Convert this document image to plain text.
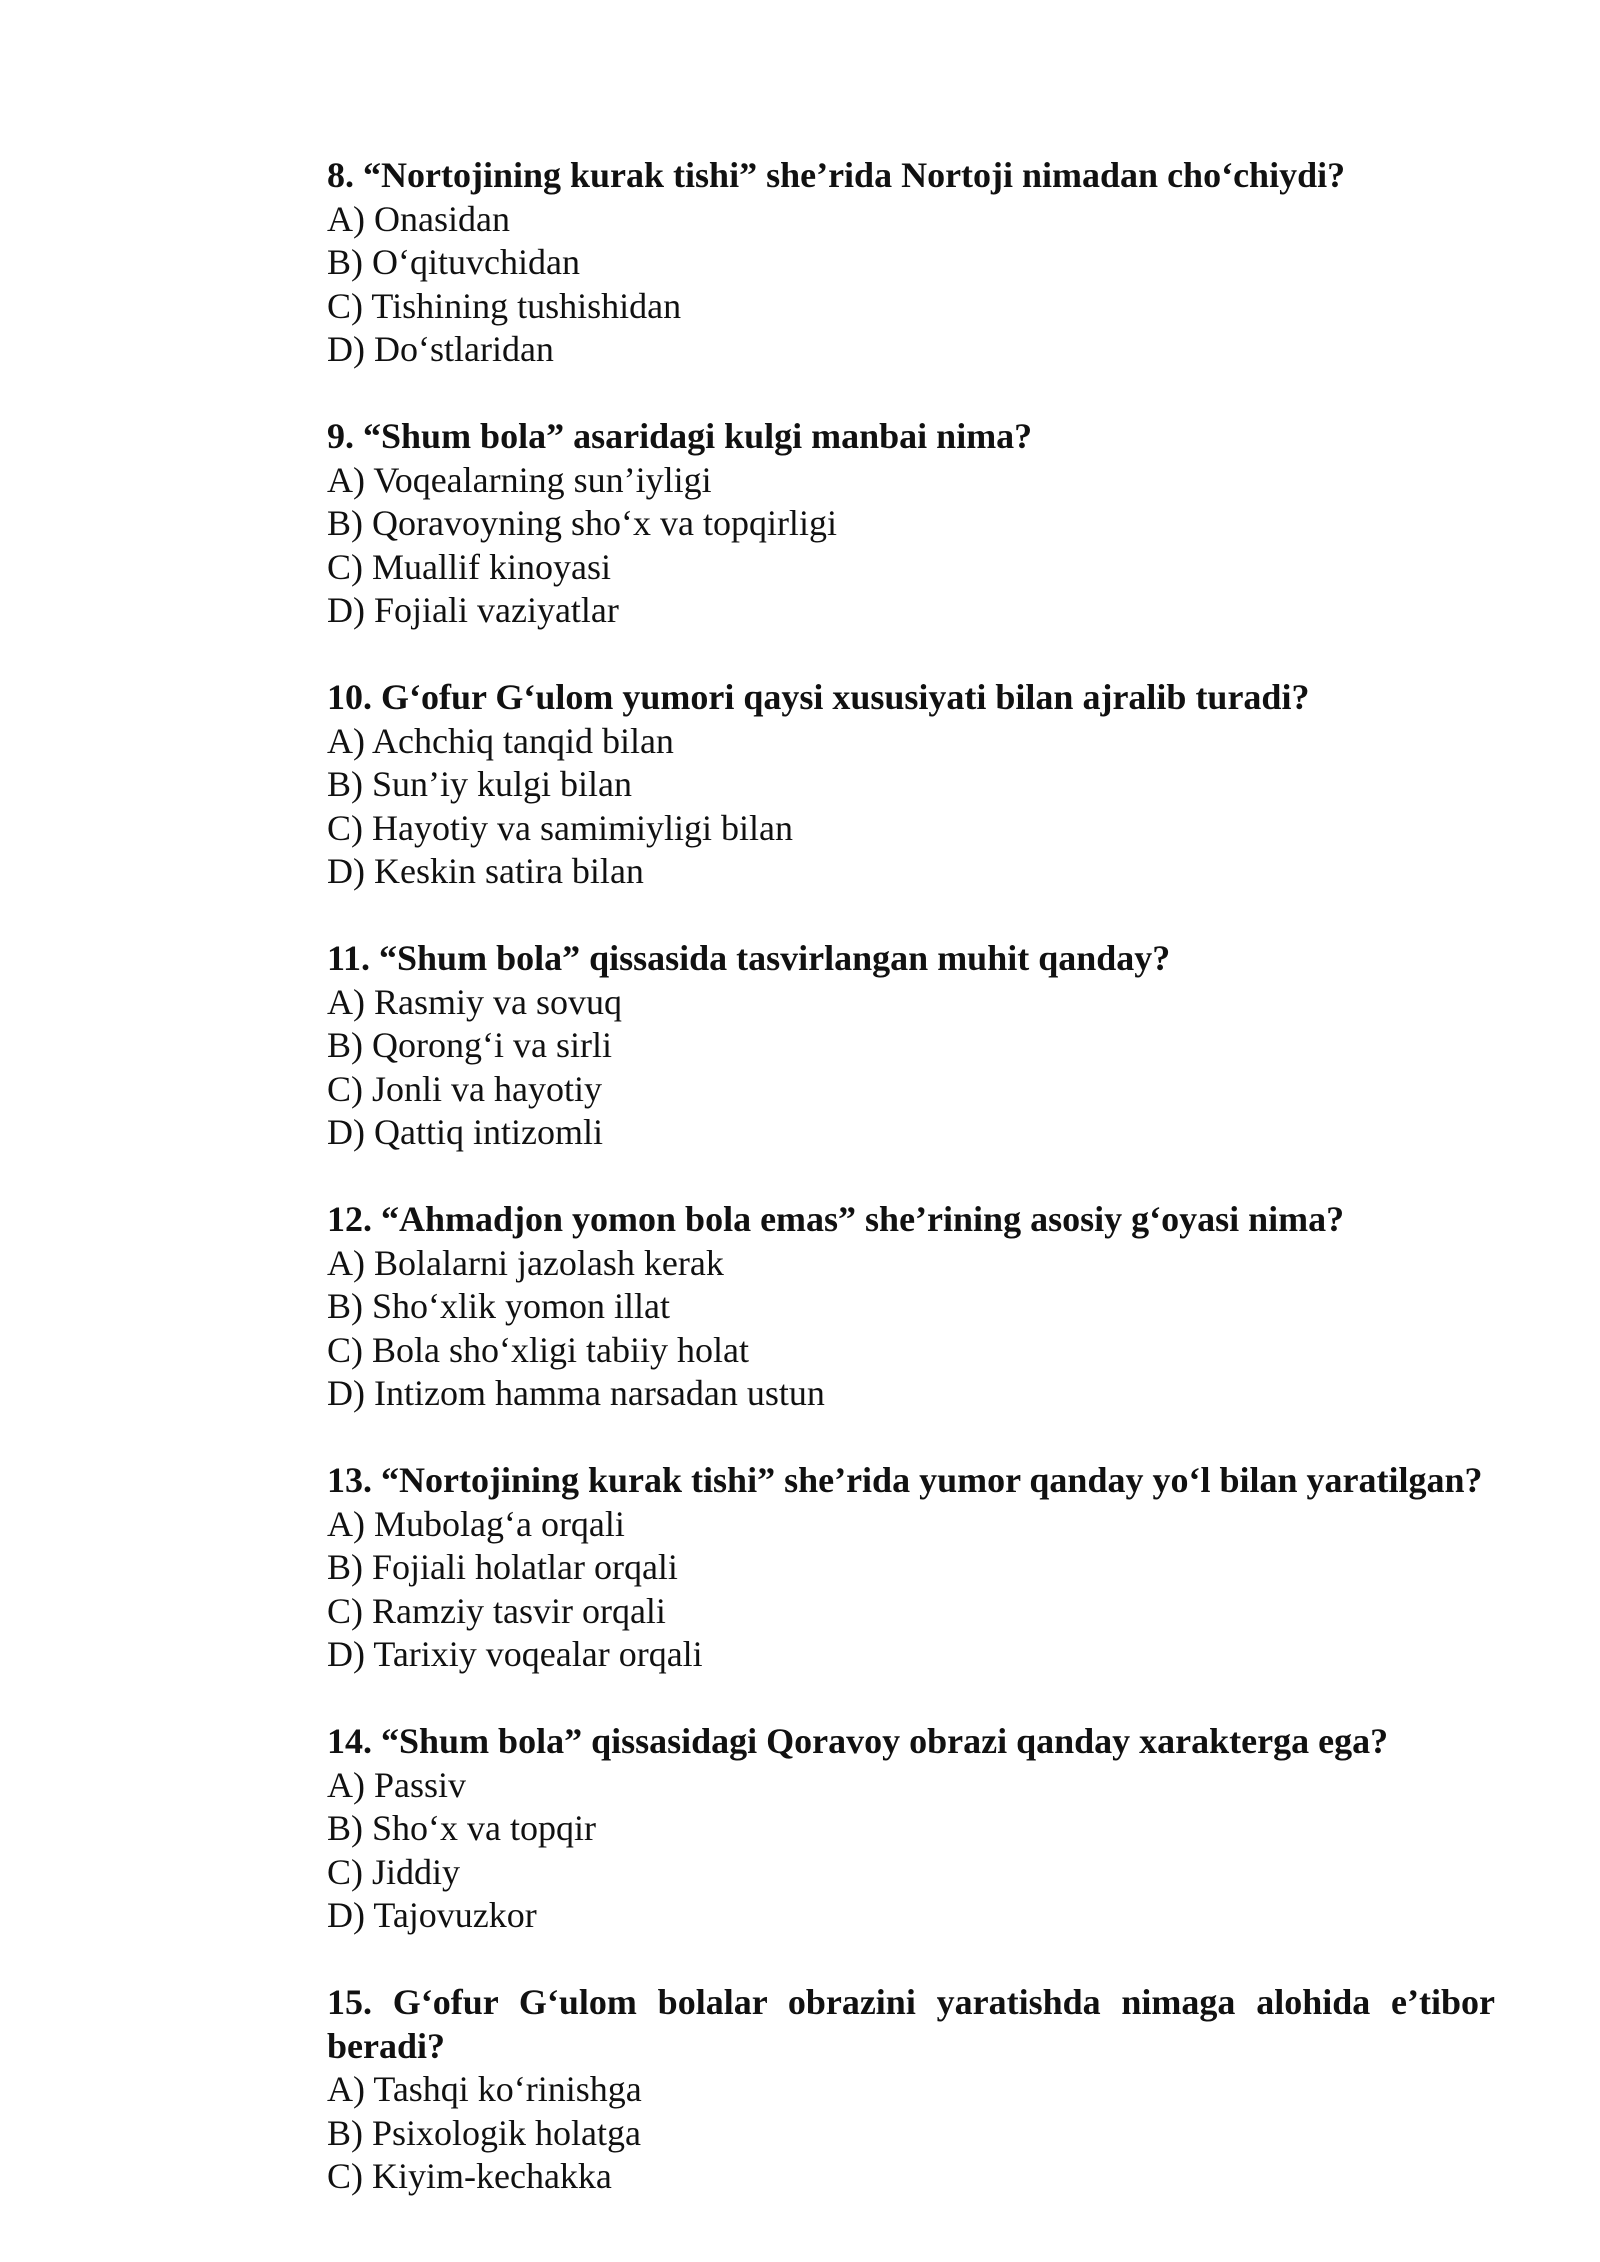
8. “Nortojining kurak tishi” she’rida Nortoji nimadan cho‘chiydi?

A) Onasidan
B) O‘qituvchidan
C) Tishining tushishidan
D) Do‘stlaridan

9. “Shum bola” asaridagi kulgi manbai nima?

A) Voqealarning sun’iyligi
B) Qoravoyning sho‘x va topqirligi
C) Muallif kinoyasi
D) Fojiali vaziyatlar

10. G‘ofur G‘ulom yumori qaysi xususiyati bilan ajralib turadi?

A) Achchiq tanqid bilan
B) Sun’iy kulgi bilan
C) Hayotiy va samimiyligi bilan
D) Keskin satira bilan

11. “Shum bola” qissasida tasvirlangan muhit qanday?

A) Rasmiy va sovuq
B) Qorong‘i va sirli
C) Jonli va hayotiy
D) Qattiq intizomli

12. “Ahmadjon yomon bola emas” she’rining asosiy g‘oyasi nima?

A) Bolalarni jazolash kerak
B) Sho‘xlik yomon illat
C) Bola sho‘xligi tabiiy holat
D) Intizom hamma narsadan ustun

13. “Nortojining kurak tishi” she’rida yumor qanday yo‘l bilan yaratilgan?

A) Mubolag‘a orqali
B) Fojiali holatlar orqali
C) Ramziy tasvir orqali
D) Tarixiy voqealar orqali

14. “Shum bola” qissasidagi Qoravoy obrazi qanday xarakterga ega?

A) Passiv
B) Sho‘x va topqir
C) Jiddiy
D) Tajovuzkor

15. G‘ofur G‘ulom bolalar obrazini yaratishda nimaga alohida e’tibor beradi?

A) Tashqi ko‘rinishga
B) Psixologik holatga
C) Kiyim-kechakka
